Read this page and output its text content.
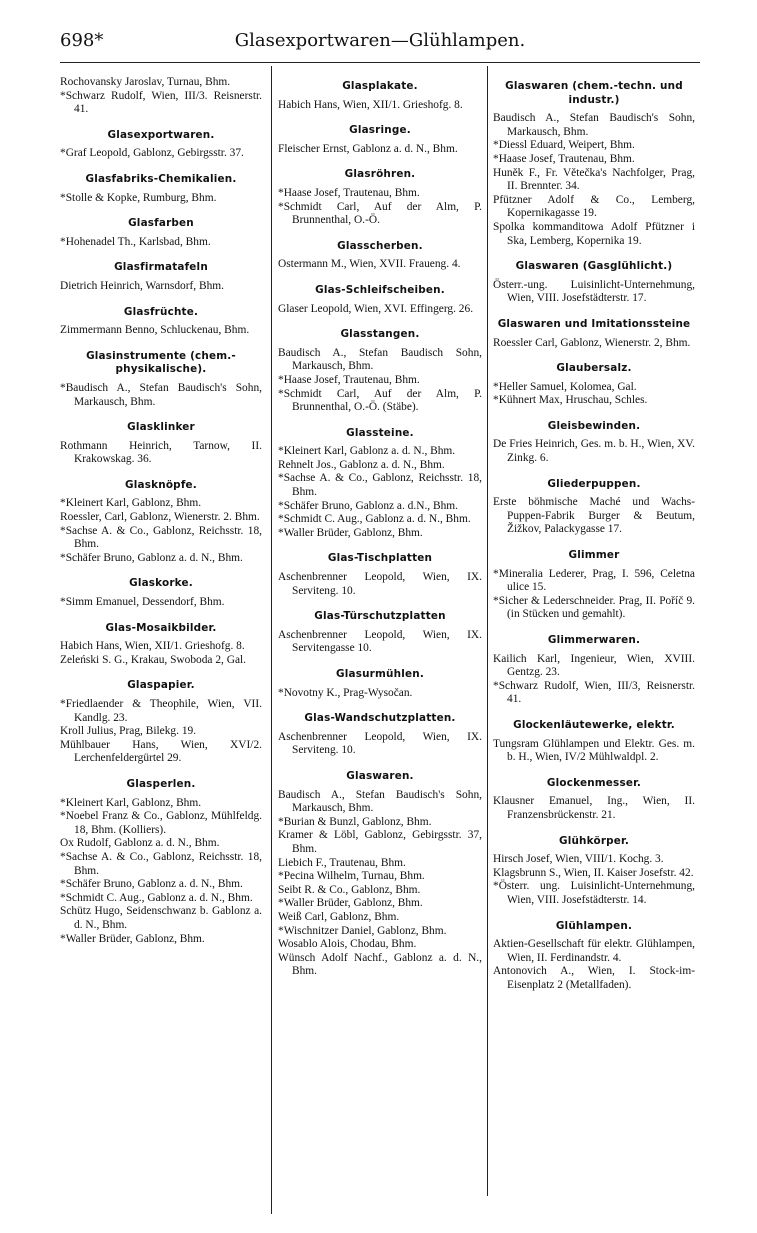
Glasexportwaren—Glühlampen.
698*
Rochovansky Jaroslav, Turnau, Bhm.
*Schwarz Rudolf, Wien, III/3. Reisnerstr. 41.
Glasexportwaren.
*Graf Leopold, Gablonz, Gebirgsstr. 37.
Glasfabriks-Chemikalien.
*Stolle & Kopke, Rumburg, Bhm.
Glasfarben
*Hohenadel Th., Karlsbad, Bhm.
Glasfirmatafeln
Dietrich Heinrich, Warnsdorf, Bhm.
Glasfrüchte.
Zimmermann Benno, Schluckenau, Bhm.
Glasinstrumente (chem.-physikalische).
*Baudisch A., Stefan Baudisch's Sohn, Markausch, Bhm.
Glasklinker
Rothmann Heinrich, Tarnow, II. Krakowskag. 36.
Glasknöpfe.
*Kleinert Karl, Gablonz, Bhm.
Roessler, Carl, Gablonz, Wienerstr. 2. Bhm.
*Sachse A. & Co., Gablonz, Reichsstr. 18, Bhm.
*Schäfer Bruno, Gablonz a. d. N., Bhm.
Glaskorke.
*Simm Emanuel, Dessendorf, Bhm.
Glas-Mosaikbilder.
Habich Hans, Wien, XII/1. Grieshofg. 8.
Zeleński S. G., Krakau, Swoboda 2, Gal.
Glaspapier.
*Friedlaender & Theophile, Wien, VII. Kandlg. 23.
Kroll Julius, Prag, Bilekg. 19.
Mühlbauer Hans, Wien, XVI/2. Lerchenfeldergürtel 29.
Glasperlen.
*Kleinert Karl, Gablonz, Bhm.
*Noebel Franz & Co., Gablonz, Mühlfeldg. 18, Bhm. (Kolliers).
Ox Rudolf, Gablonz a. d. N., Bhm.
*Sachse A. & Co., Gablonz, Reichsstr. 18, Bhm.
*Schäfer Bruno, Gablonz a. d. N., Bhm.
*Schmidt C. Aug., Gablonz a. d. N., Bhm.
Schütz Hugo, Seidenschwanz b. Gablonz a. d. N., Bhm.
*Waller Brüder, Gablonz, Bhm.
Glasplakate.
Habich Hans, Wien, XII/1. Grieshofg. 8.
Glasringe.
Fleischer Ernst, Gablonz a. d. N., Bhm.
Glasröhren.
*Haase Josef, Trautenau, Bhm.
*Schmidt Carl, Auf der Alm, P. Brunnenthal, O.-Ö.
Glasscherben.
Ostermann M., Wien, XVII. Fraueng. 4.
Glas-Schleifscheiben.
Glaser Leopold, Wien, XVI. Effingerg. 26.
Glasstangen.
Baudisch A., Stefan Baudisch Sohn, Markausch, Bhm.
*Haase Josef, Trautenau, Bhm.
*Schmidt Carl, Auf der Alm, P. Brunnenthal, O.-Ö. (Stäbe).
Glassteine.
*Kleinert Karl, Gablonz a. d. N., Bhm.
Rehnelt Jos., Gablonz a. d. N., Bhm.
*Sachse A. & Co., Gablonz, Reichsstr. 18, Bhm.
*Schäfer Bruno, Gablonz a. d.N., Bhm.
*Schmidt C. Aug., Gablonz a. d. N., Bhm.
*Waller Brüder, Gablonz, Bhm.
Glas-Tischplatten
Aschenbrenner Leopold, Wien, IX. Serviteng. 10.
Glas-Türschutzplatten
Aschenbrenner Leopold, Wien, IX. Servitengasse 10.
Glasurmühlen.
*Novotny K., Prag-Wysočan.
Glas-Wandschutzplatten.
Aschenbrenner Leopold, Wien, IX. Serviteng. 10.
Glaswaren.
Baudisch A., Stefan Baudisch's Sohn, Markausch, Bhm.
*Burian & Bunzl, Gablonz, Bhm.
Kramer & Löbl, Gablonz, Gebirgsstr. 37, Bhm.
Liebich F., Trautenau, Bhm.
*Pecina Wilhelm, Turnau, Bhm.
Seibt R. & Co., Gablonz, Bhm.
*Waller Brüder, Gablonz, Bhm.
Weiß Carl, Gablonz, Bhm.
*Wischnitzer Daniel, Gablonz, Bhm.
Wosablo Alois, Chodau, Bhm.
Wünsch Adolf Nachf., Gablonz a. d. N., Bhm.
Glaswaren (chem.-techn. und industr.)
Baudisch A., Stefan Baudisch's Sohn, Markausch, Bhm.
*Diessl Eduard, Weipert, Bhm.
*Haase Josef, Trautenau, Bhm.
Huněk F., Fr. Větečka's Nachfolger, Prag, II. Brenntег. 34.
Pfützner Adolf & Co., Lemberg, Kopernikagasse 19.
Spolka kommanditowa Adolf Pfützner i Ska, Lemberg, Kopernika 19.
Glaswaren (Gasglühlicht.)
Österr.-ung. Luisinlicht-Unternehmung, Wien, VIII. Josefstädterstr. 17.
Glaswaren und Imitationssteine
Roessler Carl, Gablonz, Wienerstr. 2, Bhm.
Glaubersalz.
*Heller Samuel, Kolomea, Gal.
*Kühnert Max, Hruschau, Schles.
Gleisbewinden.
De Fries Heinrich, Ges. m. b. H., Wien, XV. Zinkg. 6.
Gliederpuppen.
Erste böhmische Maché und Wachs-Puppen-Fabrik Burger & Beutum, Žižkov, Palackygasse 17.
Glimmer
*Mineralia Lederer, Prag, I. 596, Celetna ulice 15.
*Sicher & Lederschneider. Prag, II. Poříč 9. (in Stücken und gemahlt).
Glimmerwaren.
Kailich Karl, Ingenieur, Wien, XVIII. Gentzg. 23.
*Schwarz Rudolf, Wien, III/3, Reisnerstr. 41.
Glockenläutewerke, elektr.
Tungsram Glühlampen und Elektr. Ges. m. b. H., Wien, IV/2 Mühlwaldpl. 2.
Glockenmesser.
Klausner Emanuel, Ing., Wien, II. Franzensbrückenstr. 21.
Glühkörper.
Hirsch Josef, Wien, VIII/1. Kochg. 3.
Klagsbrunn S., Wien, II. Kaiser Josefstr. 42.
*Österr. ung. Luisinlicht-Unternehmung, Wien, VIII. Josefstädterstr. 14.
Glühlampen.
Aktien-Gesellschaft für elektr. Glühlampen, Wien, II. Ferdinandstr. 4.
Antonovich A., Wien, I. Stock-im-Eisenplatz 2 (Metallfaden).
